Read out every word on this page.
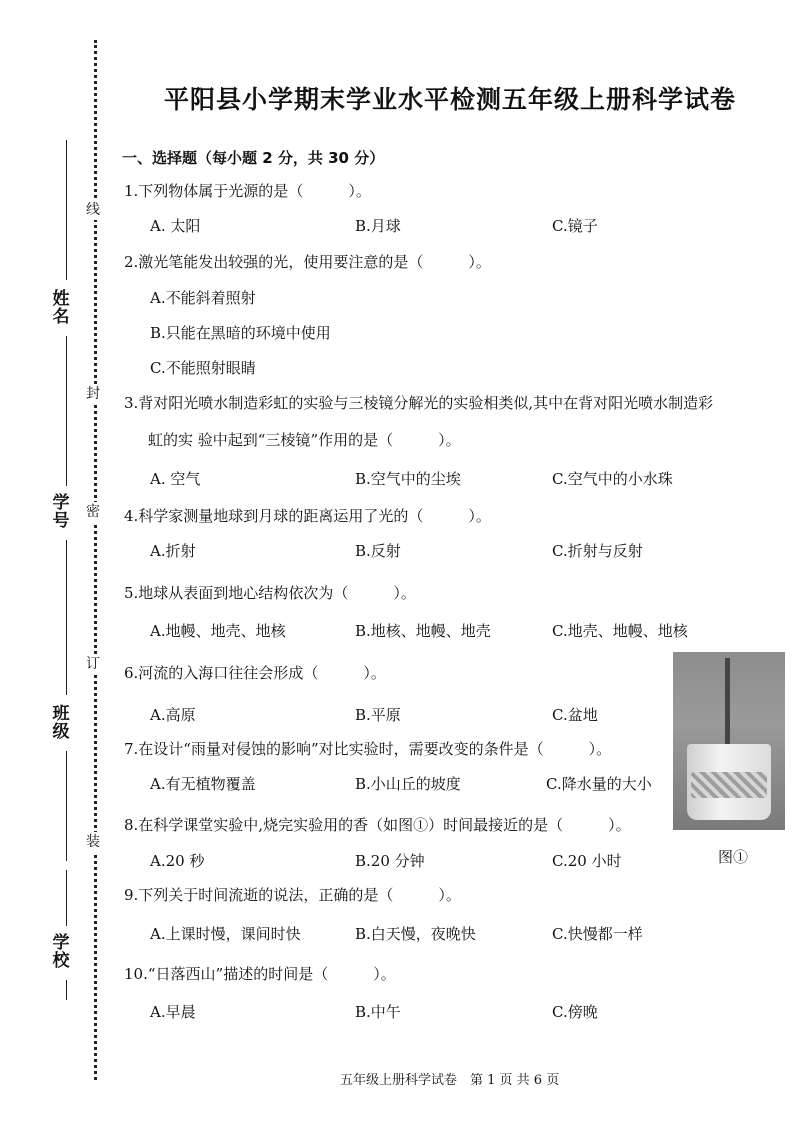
线
封
密
订
装
姓
名
学
号
班
级
学
校
平阳县小学期末学业水平检测五年级上册科学试卷
一、选择题（每小题 2 分，共 30 分）
1.下列物体属于光源的是（　　　）。
A. 太阳	B.月球	C.镜子
2.激光笔能发出较强的光，使用要注意的是（　　　）。
A.不能斜着照射
B.只能在黑暗的环境中使用
C.不能照射眼睛
3.背对阳光喷水制造彩虹的实验与三棱镜分解光的实验相类似,其中在背对阳光喷水制造彩
虹的实 验中起到“三棱镜”作用的是（　　　）。
A. 空气	B.空气中的尘埃	C.空气中的小水珠
4.科学家测量地球到月球的距离运用了光的（　　　）。
A.折射	B.反射	C.折射与反射
5.地球从表面到地心结构依次为（　　　）。
A.地幔、地壳、地核	B.地核、地幔、地壳	C.地壳、地幔、地核
6.河流的入海口往往会形成（　　　）。
A.高原	B.平原	C.盆地
7.在设计“雨量对侵蚀的影响”对比实验时，需要改变的条件是（　　　）。
A.有无植物覆盖	B.小山丘的坡度	C.降水量的大小
8.在科学课堂实验中,烧完实验用的香（如图①）时间最接近的是（　　　）。
A.20 秒	B.20 分钟	C.20 小时
9.下列关于时间流逝的说法，正确的是（　　　）。
A.上课时慢，课间时快	B.白天慢，夜晚快	C.快慢都一样
10.“日落西山”描述的时间是（　　　）。
A.早晨	B.中午	C.傍晚
图①
五年级上册科学试卷　第 1 页 共 6 页
